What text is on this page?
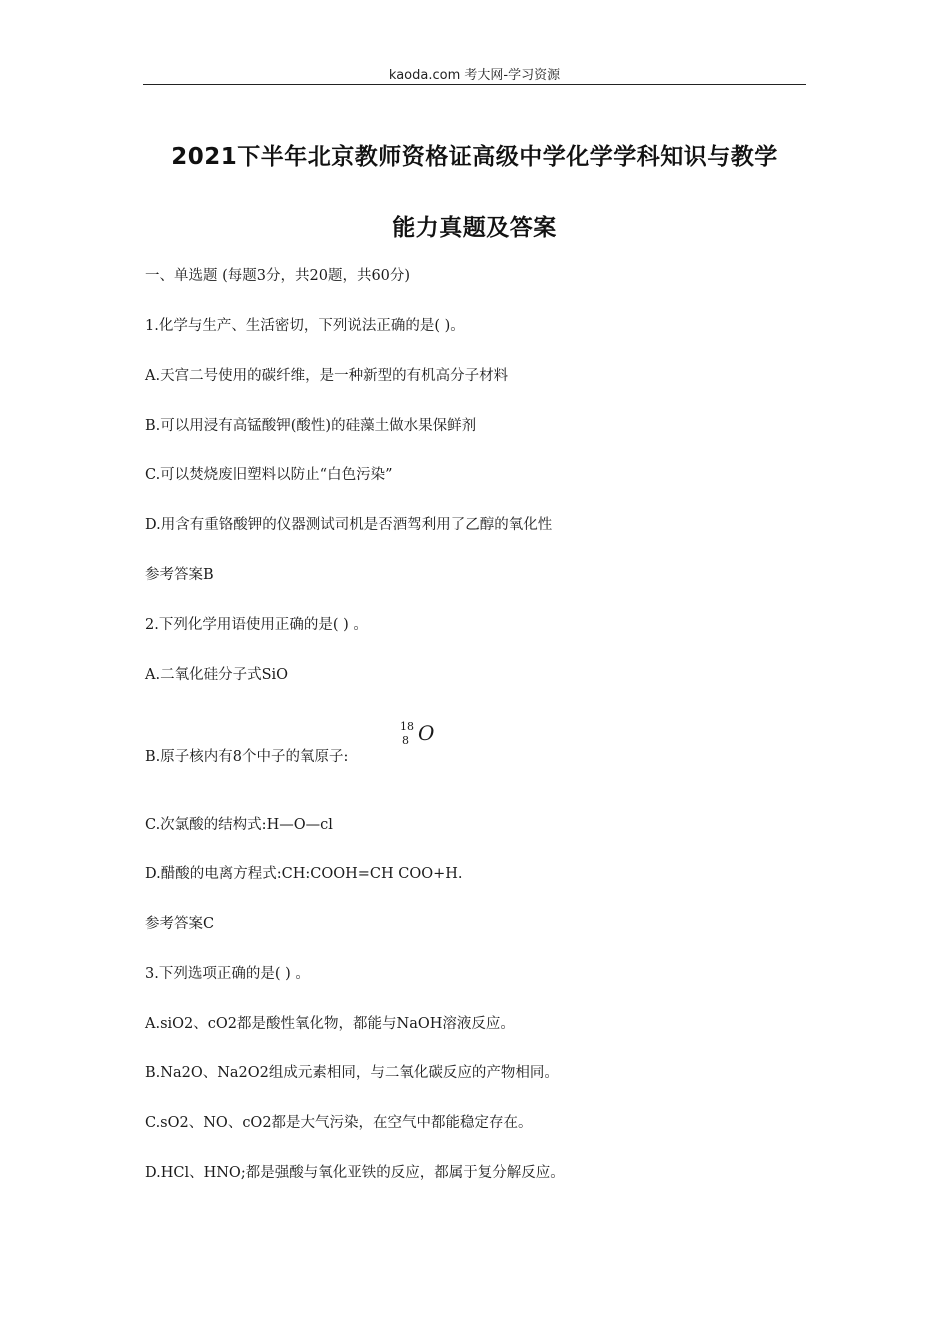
kaoda.com 考大网-学习资源
2021下半年北京教师资格证高级中学化学学科知识与教学
能力真题及答案
一、单选题 (每题3分，共20题，共60分)
1.化学与生产、生活密切，下列说法正确的是( )。
A.天宫二号使用的碳纤维，是一种新型的有机高分子材料
B.可以用浸有高锰酸钾(酸性)的硅藻土做水果保鲜剂
C.可以焚烧废旧塑料以防止“白色污染”
D.用含有重铬酸钾的仪器测试司机是否酒驾利用了乙醇的氧化性
参考答案B
2.下列化学用语使用正确的是( ) 。
A.二氧化硅分子式SiO
B.原子核内有8个中子的氧原子:
18
8 O
C.次氯酸的结构式:H—O—cl
D.醋酸的电离方程式:CH:COOH=CH COO+H.
参考答案C
3.下列选项正确的是( ) 。
A.siO2、cO2都是酸性氧化物，都能与NaOH溶液反应。
B.Na2O、Na2O2组成元素相同，与二氧化碳反应的产物相同。
C.sO2、NO、cO2都是大气污染，在空气中都能稳定存在。
D.HCl、HNO;都是强酸与氧化亚铁的反应，都属于复分解反应。
